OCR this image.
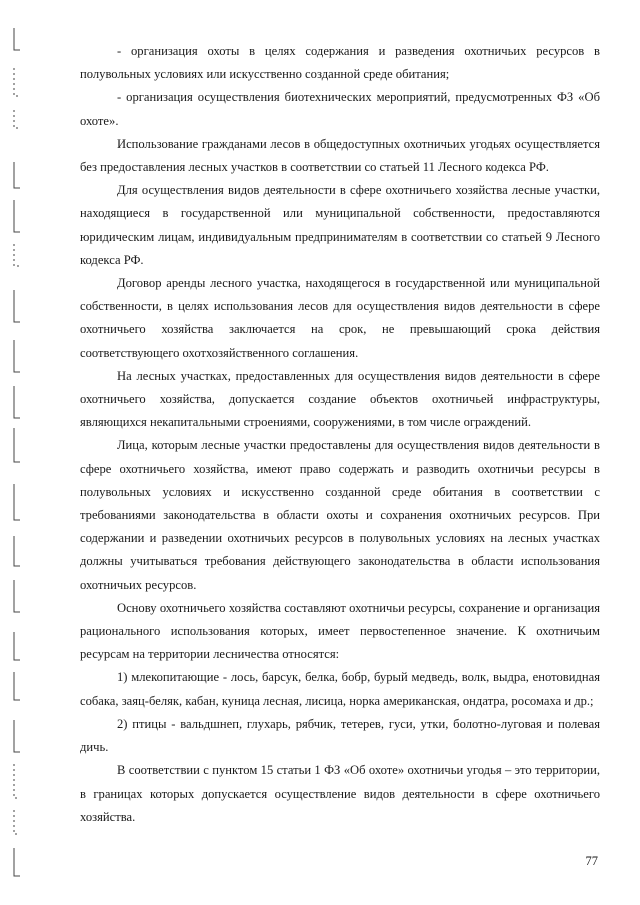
- организация охоты в целях содержания и разведения охотничьих ресурсов в полувольных условиях или искусственно созданной среде обитания;

- организация осуществления биотехнических мероприятий, предусмотренных ФЗ «Об охоте».

Использование гражданами лесов в общедоступных охотничьих угодьях осуществляется без предоставления лесных участков в соответствии со статьей 11 Лесного кодекса РФ.

Для осуществления видов деятельности в сфере охотничьего хозяйства лесные участки, находящиеся в государственной или муниципальной собственности, предоставляются юридическим лицам, индивидуальным предпринимателям в соответствии со статьей 9 Лесного кодекса РФ.

Договор аренды лесного участка, находящегося в государственной или муниципальной собственности, в целях использования лесов для осуществления видов деятельности в сфере охотничьего хозяйства заключается на срок, не превышающий срока действия соответствующего охотхозяйственного соглашения.

На лесных участках, предоставленных для осуществления видов деятельности в сфере охотничьего хозяйства, допускается создание объектов охотничьей инфраструктуры, являющихся некапитальными строениями, сооружениями, в том числе ограждений.

Лица, которым лесные участки предоставлены для осуществления видов деятельности в сфере охотничьего хозяйства, имеют право содержать и разводить охотничьи ресурсы в полувольных условиях и искусственно созданной среде обитания в соответствии с требованиями законодательства в области охоты и сохранения охотничьих ресурсов. При содержании и разведении охотничьих ресурсов в полувольных условиях на лесных участках должны учитываться требования действующего законодательства в области использования охотничьих ресурсов.

Основу охотничьего хозяйства составляют охотничьи ресурсы, сохранение и организация рационального использования которых, имеет первостепенное значение. К охотничьим ресурсам на территории лесничества относятся:

1) млекопитающие - лось, барсук, белка, бобр, бурый медведь, волк, выдра, енотовидная собака, заяц-беляк, кабан, куница лесная, лисица, норка американская, ондатра, росомаха и др.;

2) птицы - вальдшнеп, глухарь, рябчик, тетерев, гуси, утки, болотно-луговая и полевая дичь.

В соответствии с пунктом 15 статьи 1 ФЗ «Об охоте» охотничьи угодья – это территории, в границах которых допускается осуществление видов деятельности в сфере охотничьего хозяйства.

77
